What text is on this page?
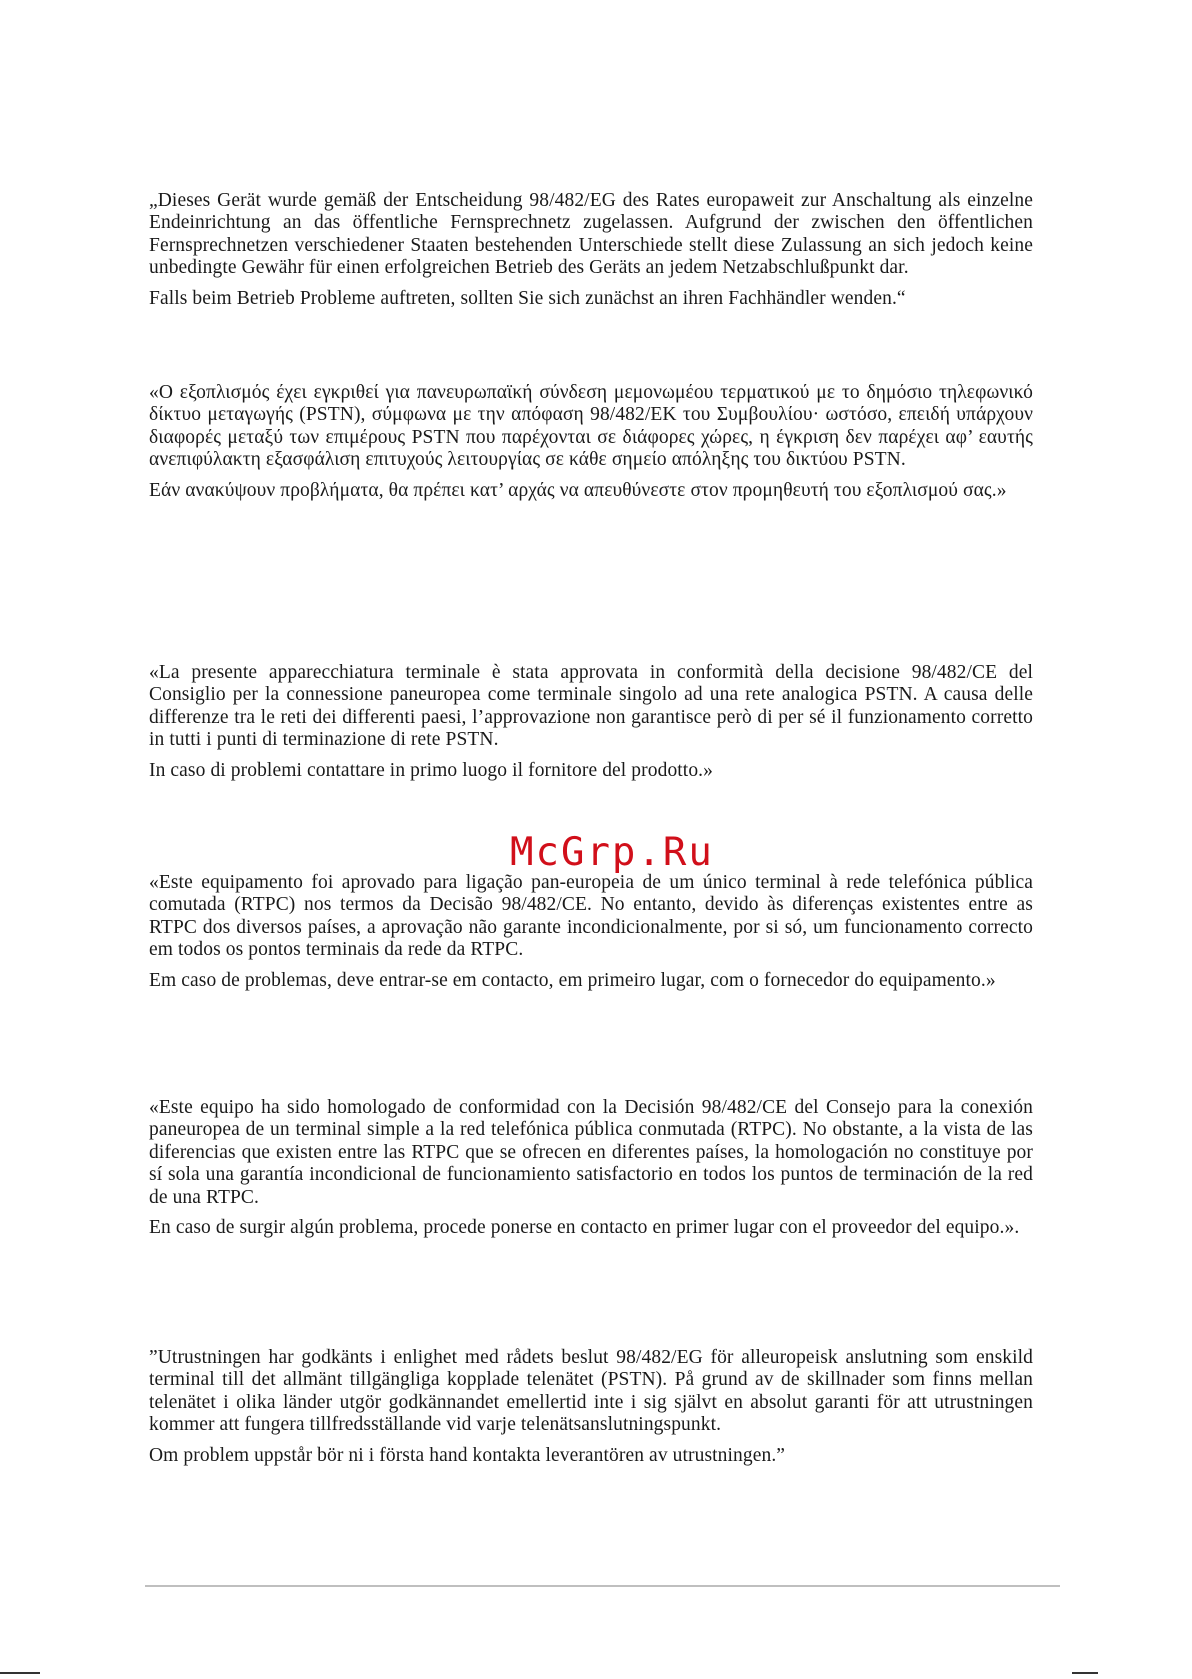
„Dieses Gerät wurde gemäß der Entscheidung 98/482/EG des Rates europaweit zur Anschaltung als einzelne Endeinrichtung an das öffentliche Fernsprechnetz zugelassen. Aufgrund der zwischen den öffentlichen Fernsprechnetzen verschiedener Staaten bestehenden Unterschiede stellt diese Zulassung an sich jedoch keine unbedingte Gewähr für einen erfolgreichen Betrieb des Geräts an jedem Netzabschlußpunkt dar.

Falls beim Betrieb Probleme auftreten, sollten Sie sich zunächst an ihren Fachhändler wenden.“

«Ο εξοπλισμός έχει εγκριθεί για πανευρωπαϊκή σύνδεση μεμονωμέου τερματικού με το δημόσιο τηλεφωνικό δίκτυο μεταγωγής (PSTN), σύμφωνα με την απόφαση 98/482/ΕΚ του Συμβουλίου· ωστόσο, επειδή υπάρχουν διαφορές μεταξύ των επιμέρους PSTN που παρέχονται σε διάφορες χώρες, η έγκριση δεν παρέχει αφ’ εαυτής ανεπιφύλακτη εξασφάλιση επιτυχούς λειτουργίας σε κάθε σημείο απόληξης του δικτύου PSTN.

Εάν ανακύψουν προβλήματα, θα πρέπει κατ’ αρχάς να απευθύνεστε στον προμηθευτή του εξοπλισμού σας.»

«La presente apparecchiatura terminale è stata approvata in conformità della decisione 98/482/CE del Consiglio per la connessione paneuropea come terminale singolo ad una rete analogica PSTN. A causa delle differenze tra le reti dei differenti paesi, l’approvazione non garantisce però di per sé il funzionamento corretto in tutti i punti di terminazione di rete PSTN.

In caso di problemi contattare in primo luogo il fornitore del prodotto.»

McGrp.Ru

«Este equipamento foi aprovado para ligação pan-europeia de um único terminal à rede telefónica pública comutada (RTPC) nos termos da Decisão 98/482/CE. No entanto, devido às diferenças existentes entre as RTPC dos diversos países, a aprovação não garante incondicionalmente, por si só, um funcionamento correcto em todos os pontos terminais da rede da RTPC.

Em caso de problemas, deve entrar-se em contacto, em primeiro lugar, com o fornecedor do equipamento.»

«Este equipo ha sido homologado de conformidad con la Decisión 98/482/CE del Consejo para la conexión paneuropea de un terminal simple a la red telefónica pública conmutada (RTPC). No obstante, a la vista de las diferencias que existen entre las RTPC que se ofrecen en diferentes países, la homologación no constituye por sí sola una garantía incondicional de funcionamiento satisfactorio en todos los puntos de terminación de la red de una RTPC.

En caso de surgir algún problema, procede ponerse en contacto en primer lugar con el proveedor del equipo.».

”Utrustningen har godkänts i enlighet med rådets beslut 98/482/EG för alleuropeisk anslutning som enskild terminal till det allmänt tillgängliga kopplade telenätet (PSTN). På grund av de skillnader som finns mellan telenätet i olika länder utgör godkännandet emellertid inte i sig självt en absolut garanti för att utrustningen kommer att fungera tillfredsställande vid varje telenätsanslutningspunkt.

Om problem uppstår bör ni i första hand kontakta leverantören av utrustningen.”
